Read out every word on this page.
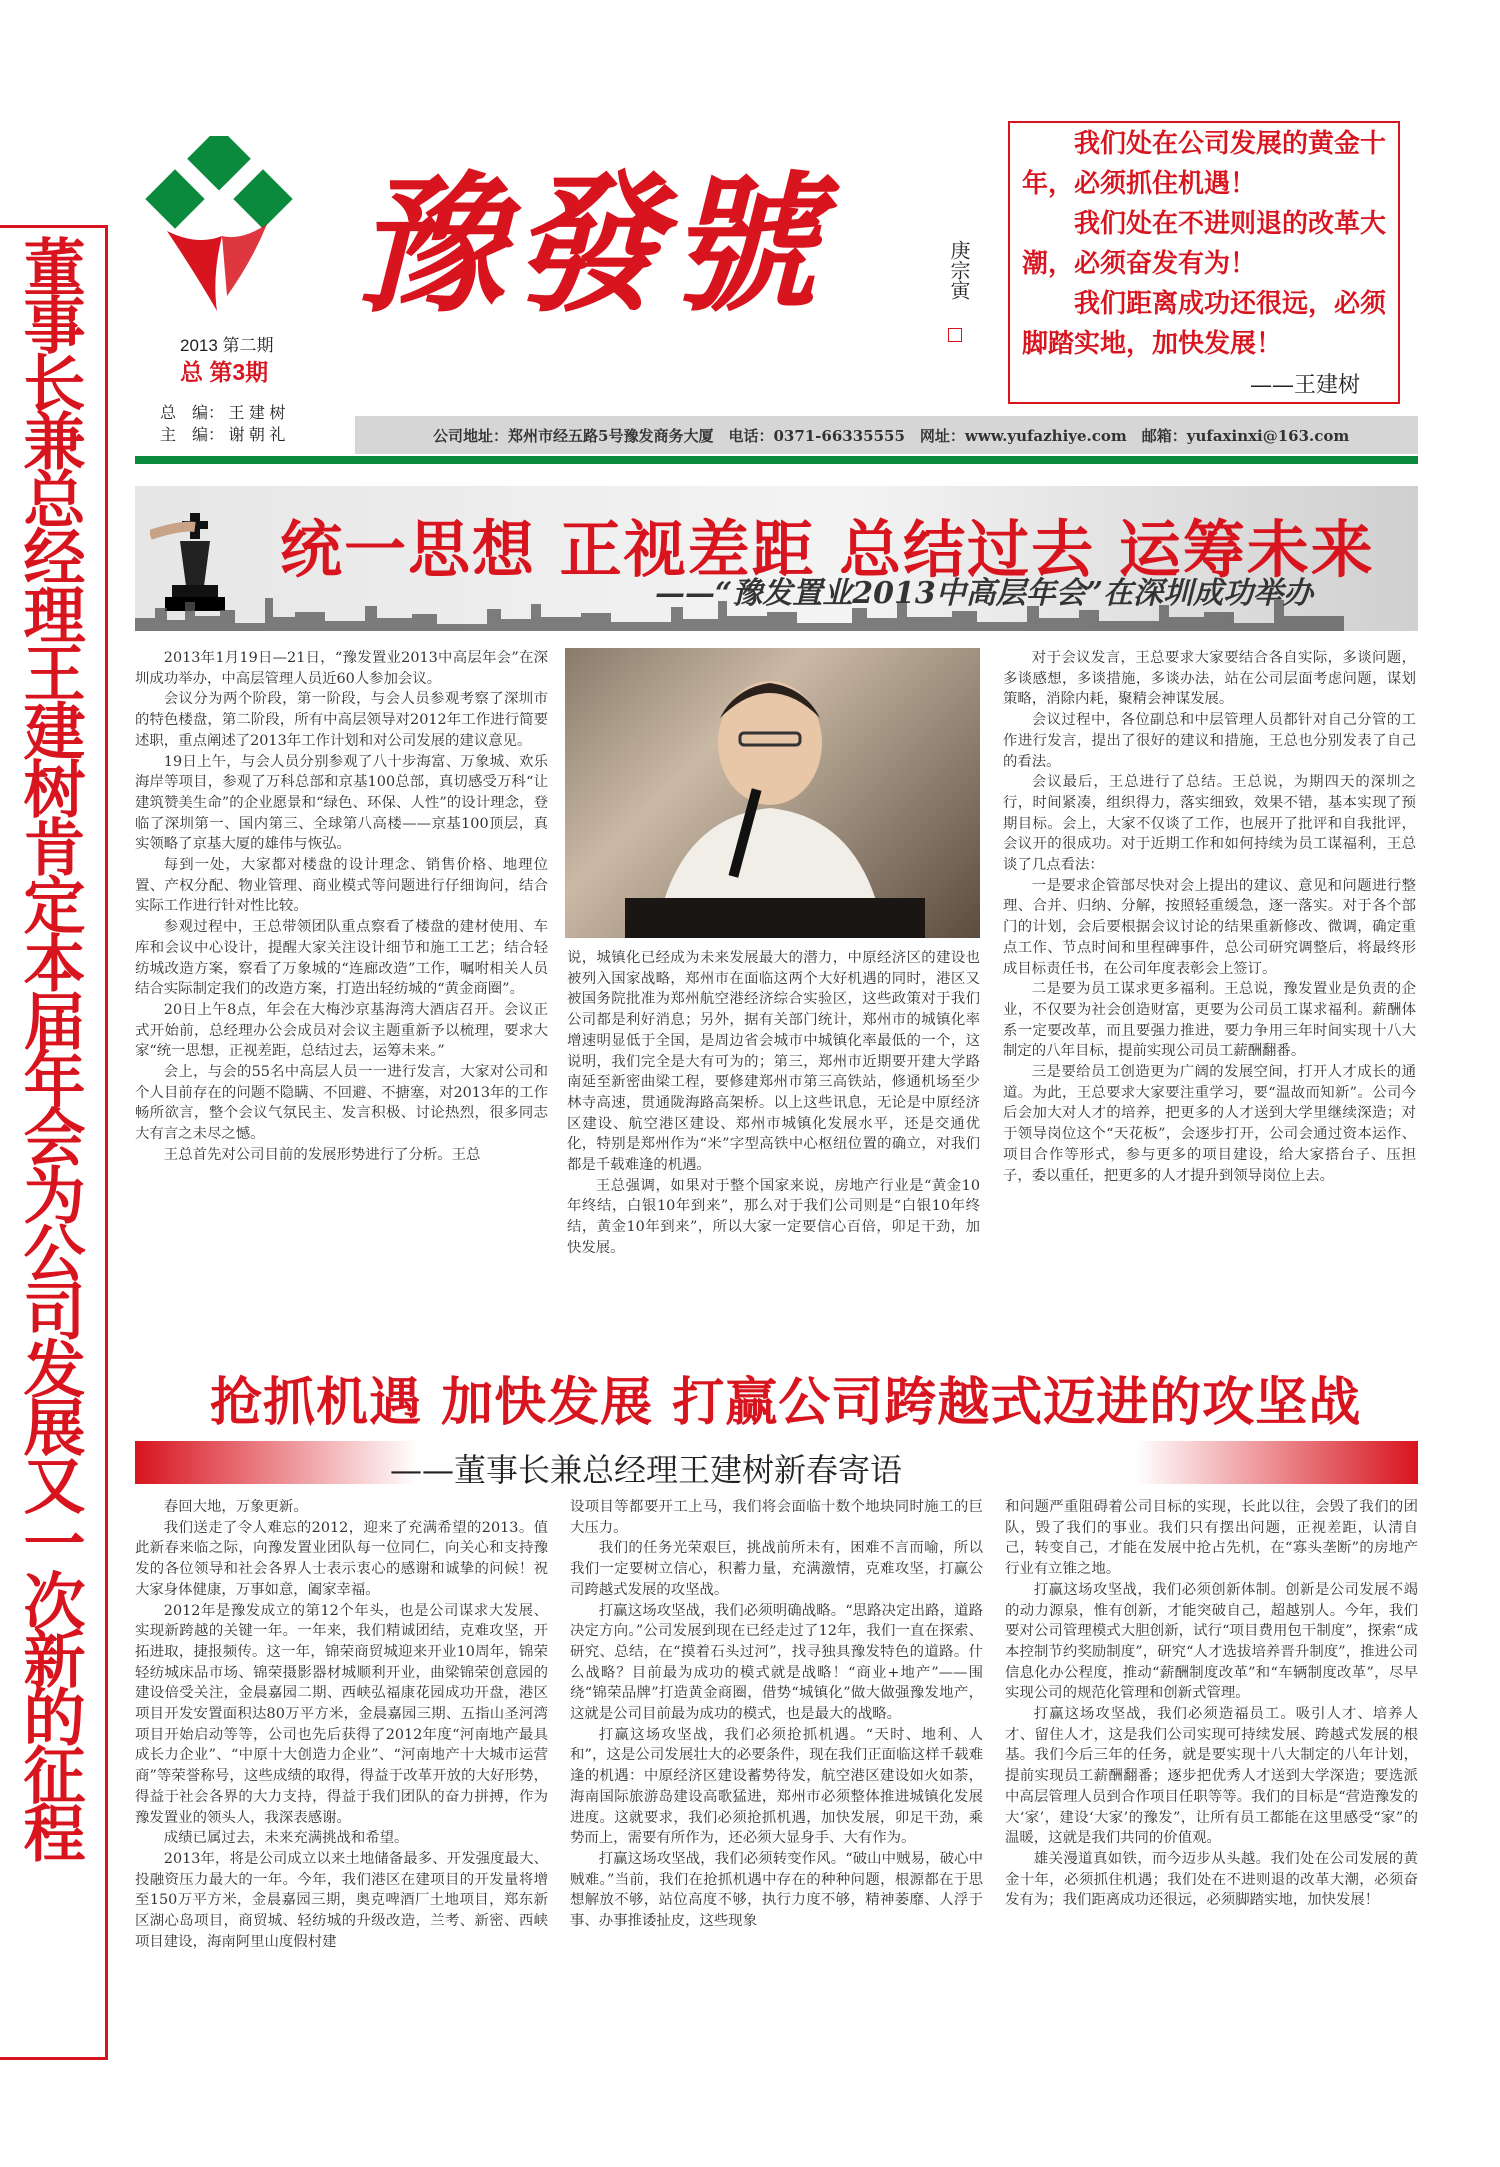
董事长兼总经理王建树肯定本届年会为公司发展又一次新的征程 豫發號	庚宗寅
2013 第二期
总 第3期
总　编： 王 建 树
主　编： 谢 朝 礼

我们处在公司发展的黄金十年，必须抓住机遇！

我们处在不进则退的改革大潮，必须奋发有为！

我们距离成功还很远，必须脚踏实地，加快发展！

——王建树
公司地址：郑州市经五路5号豫发商务大厦　电话：0371-66335555　网址：www.yufazhiye.com　邮箱：yufaxinxi@163.com
统一思想 正视差距 总结过去 运筹未来
——“豫发置业2013中高层年会”在深圳成功举办

2013年1月19日—21日，“豫发置业2013中高层年会”在深圳成功举办，中高层管理人员近60人参加会议。

会议分为两个阶段，第一阶段，与会人员参观考察了深圳市的特色楼盘，第二阶段，所有中高层领导对2012年工作进行简要述职，重点阐述了2013年工作计划和对公司发展的建议意见。

19日上午，与会人员分别参观了八十步海富、万象城、欢乐海岸等项目，参观了万科总部和京基100总部，真切感受万科“让建筑赞美生命”的企业愿景和“绿色、环保、人性”的设计理念，登临了深圳第一、国内第三、全球第八高楼——京基100顶层，真实领略了京基大厦的雄伟与恢弘。

每到一处，大家都对楼盘的设计理念、销售价格、地理位置、产权分配、物业管理、商业模式等问题进行仔细询问，结合实际工作进行针对性比较。

参观过程中，王总带领团队重点察看了楼盘的建材使用、车库和会议中心设计，提醒大家关注设计细节和施工工艺；结合轻纺城改造方案，察看了万象城的“连廊改造”工作，嘱咐相关人员结合实际制定我们的改造方案，打造出轻纺城的“黄金商圈”。

20日上午8点，年会在大梅沙京基海湾大酒店召开。会议正式开始前，总经理办公会成员对会议主题重新予以梳理，要求大家“统一思想，正视差距，总结过去，运筹未来。”

会上，与会的55名中高层人员一一进行发言，大家对公司和个人目前存在的问题不隐瞒、不回避、不搪塞，对2013年的工作畅所欲言，整个会议气氛民主、发言积极、讨论热烈，很多同志大有言之未尽之憾。

王总首先对公司目前的发展形势进行了分析。王总

说，城镇化已经成为未来发展最大的潜力，中原经济区的建设也被列入国家战略，郑州市在面临这两个大好机遇的同时，港区又被国务院批准为郑州航空港经济综合实验区，这些政策对于我们公司都是利好消息；另外，据有关部门统计，郑州市的城镇化率增速明显低于全国，是周边省会城市中城镇化率最低的一个，这说明，我们完全是大有可为的；第三，郑州市近期要开建大学路南延至新密曲梁工程，要修建郑州市第三高铁站，修通机场至少林寺高速，贯通陇海路高架桥。以上这些讯息，无论是中原经济区建设、航空港区建设、郑州市城镇化发展水平，还是交通优化，特别是郑州作为“米”字型高铁中心枢纽位置的确立，对我们都是千载难逢的机遇。

王总强调，如果对于整个国家来说，房地产行业是“黄金10年终结，白银10年到来”，那么对于我们公司则是“白银10年终结，黄金10年到来”，所以大家一定要信心百倍，卯足干劲，加快发展。

对于会议发言，王总要求大家要结合各自实际，多谈问题，多谈感想，多谈措施，多谈办法，站在公司层面考虑问题，谋划策略，消除内耗，聚精会神谋发展。

会议过程中，各位副总和中层管理人员都针对自己分管的工作进行发言，提出了很好的建议和措施，王总也分别发表了自己的看法。

会议最后，王总进行了总结。王总说，为期四天的深圳之行，时间紧凑，组织得力，落实细致，效果不错，基本实现了预期目标。会上，大家不仅谈了工作，也展开了批评和自我批评，会议开的很成功。对于近期工作和如何持续为员工谋福利，王总谈了几点看法：

一是要求企管部尽快对会上提出的建议、意见和问题进行整理、合并、归纳、分解，按照轻重缓急，逐一落实。对于各个部门的计划，会后要根据会议讨论的结果重新修改、微调，确定重点工作、节点时间和里程碑事件，总公司研究调整后，将最终形成目标责任书，在公司年度表彰会上签订。

二是要为员工谋求更多福利。王总说，豫发置业是负责的企业，不仅要为社会创造财富，更要为公司员工谋求福利。薪酬体系一定要改革，而且要强力推进，要力争用三年时间实现十八大制定的八年目标，提前实现公司员工薪酬翻番。

三是要给员工创造更为广阔的发展空间，打开人才成长的通道。为此，王总要求大家要注重学习，要“温故而知新”。公司今后会加大对人才的培养，把更多的人才送到大学里继续深造；对于领导岗位这个“天花板”，会逐步打开，公司会通过资本运作、项目合作等形式，参与更多的项目建设，给大家搭台子、压担子，委以重任，把更多的人才提升到领导岗位上去。

抢抓机遇 加快发展 打赢公司跨越式迈进的攻坚战
——董事长兼总经理王建树新春寄语

春回大地，万象更新。

我们送走了令人难忘的2012，迎来了充满希望的2013。值此新春来临之际，向豫发置业团队每一位同仁，向关心和支持豫发的各位领导和社会各界人士表示衷心的感谢和诚挚的问候！祝大家身体健康，万事如意，阖家幸福。

2012年是豫发成立的第12个年头，也是公司谋求大发展、实现新跨越的关键一年。一年来，我们精诚团结，克难攻坚，开拓进取，捷报频传。这一年，锦荣商贸城迎来开业10周年，锦荣轻纺城床品市场、锦荣摄影器材城顺利开业，曲梁锦荣创意园的建设倍受关注，金晨嘉园二期、西峡弘福康花园成功开盘，港区项目开发安置面积达80万平方米，金晨嘉园三期、五指山圣河湾项目开始启动等等，公司也先后获得了2012年度“河南地产最具成长力企业”、“中原十大创造力企业”、“河南地产十大城市运营商”等荣誉称号，这些成绩的取得，得益于改革开放的大好形势，得益于社会各界的大力支持，得益于我们团队的奋力拼搏，作为豫发置业的领头人，我深表感谢。

成绩已属过去，未来充满挑战和希望。

2013年，将是公司成立以来土地储备最多、开发强度最大、投融资压力最大的一年。今年，我们港区在建项目的开发量将增至150万平方米，金晨嘉园三期，奥克啤酒厂土地项目，郑东新区湖心岛项目，商贸城、轻纺城的升级改造，兰考、新密、西峡项目建设，海南阿里山度假村建

设项目等都要开工上马，我们将会面临十数个地块同时施工的巨大压力。

我们的任务光荣艰巨，挑战前所未有，困难不言而喻，所以我们一定要树立信心，积蓄力量，充满激情，克难攻坚，打赢公司跨越式发展的攻坚战。

打赢这场攻坚战，我们必须明确战略。“思路决定出路，道路决定方向。”公司发展到现在已经走过了12年，我们一直在探索、研究、总结，在“摸着石头过河”，找寻独具豫发特色的道路。什么战略？目前最为成功的模式就是战略！“商业+地产”——围绕“锦荣品牌”打造黄金商圈，借势“城镇化”做大做强豫发地产，这就是公司目前最为成功的模式，也是最大的战略。

打赢这场攻坚战，我们必须抢抓机遇。“天时、地利、人和”，这是公司发展壮大的必要条件，现在我们正面临这样千载难逢的机遇：中原经济区建设蓄势待发，航空港区建设如火如荼，海南国际旅游岛建设高歌猛进，郑州市必须整体推进城镇化发展进度。这就要求，我们必须抢抓机遇，加快发展，卯足干劲，乘势而上，需要有所作为，还必须大显身手、大有作为。

打赢这场攻坚战，我们必须转变作风。“破山中贼易，破心中贼难。”当前，我们在抢抓机遇中存在的种种问题，根源都在于思想解放不够，站位高度不够，执行力度不够，精神萎靡、人浮于事、办事推诿扯皮，这些现象

和问题严重阻碍着公司目标的实现，长此以往，会毁了我们的团队，毁了我们的事业。我们只有摆出问题，正视差距，认清自己，转变自己，才能在发展中抢占先机，在“寡头垄断”的房地产行业有立锥之地。

打赢这场攻坚战，我们必须创新体制。创新是公司发展不竭的动力源泉，惟有创新，才能突破自己，超越别人。今年，我们要对公司管理模式大胆创新，试行“项目费用包干制度”，探索“成本控制节约奖励制度”，研究“人才选拔培养晋升制度”，推进公司信息化办公程度，推动“薪酬制度改革”和“车辆制度改革”，尽早实现公司的规范化管理和创新式管理。

打赢这场攻坚战，我们必须造福员工。吸引人才、培养人才、留住人才，这是我们公司实现可持续发展、跨越式发展的根基。我们今后三年的任务，就是要实现十八大制定的八年计划，提前实现员工薪酬翻番；逐步把优秀人才送到大学深造；要选派中高层管理人员到合作项目任职等等。我们的目标是“营造豫发的大‘家’，建设‘大家’的豫发”，让所有员工都能在这里感受“家”的温暖，这就是我们共同的价值观。

雄关漫道真如铁，而今迈步从头越。我们处在公司发展的黄金十年，必须抓住机遇；我们处在不进则退的改革大潮，必须奋发有为；我们距离成功还很远，必须脚踏实地，加快发展！
